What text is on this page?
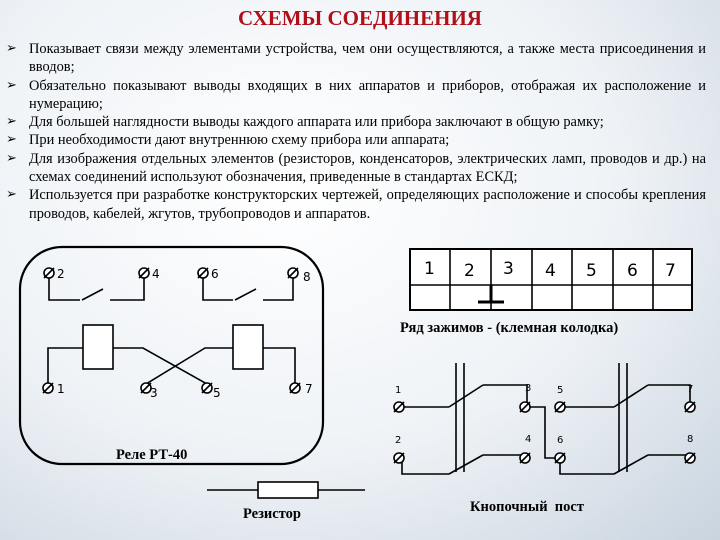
СХЕМЫ СОЕДИНЕНИЯ
➢ Показывает связи между элементами устройства, чем они осуществляются, а также места присоединения и вводов;
➢ Обязательно показывают выводы входящих в них аппаратов и приборов, отображая их расположение и нумерацию;
➢ Для большей наглядности выводы каждого аппарата или прибора заключают в общую рамку;
➢ При необходимости дают внутреннюю схему прибора или аппарата;
➢ Для изображения отдельных элементов (резисторов, конденсаторов, электрических ламп, проводов и др.) на схемах соединений используют обозначения, приведенные в стандартах ЕСКД;
➢ Используется при разработке конструкторских чертежей, определяющих расположение и способы крепления проводов, кабелей, жгутов, трубопроводов и аппаратов.
2	4	6	8
1	3	5	7
1 2 3 4 5 6 7
1	3	5	7
2	4	6	8
Ряд зажимов - (клемная колодка)
Реле РТ-40
Резистор	Кнопочный  пост
